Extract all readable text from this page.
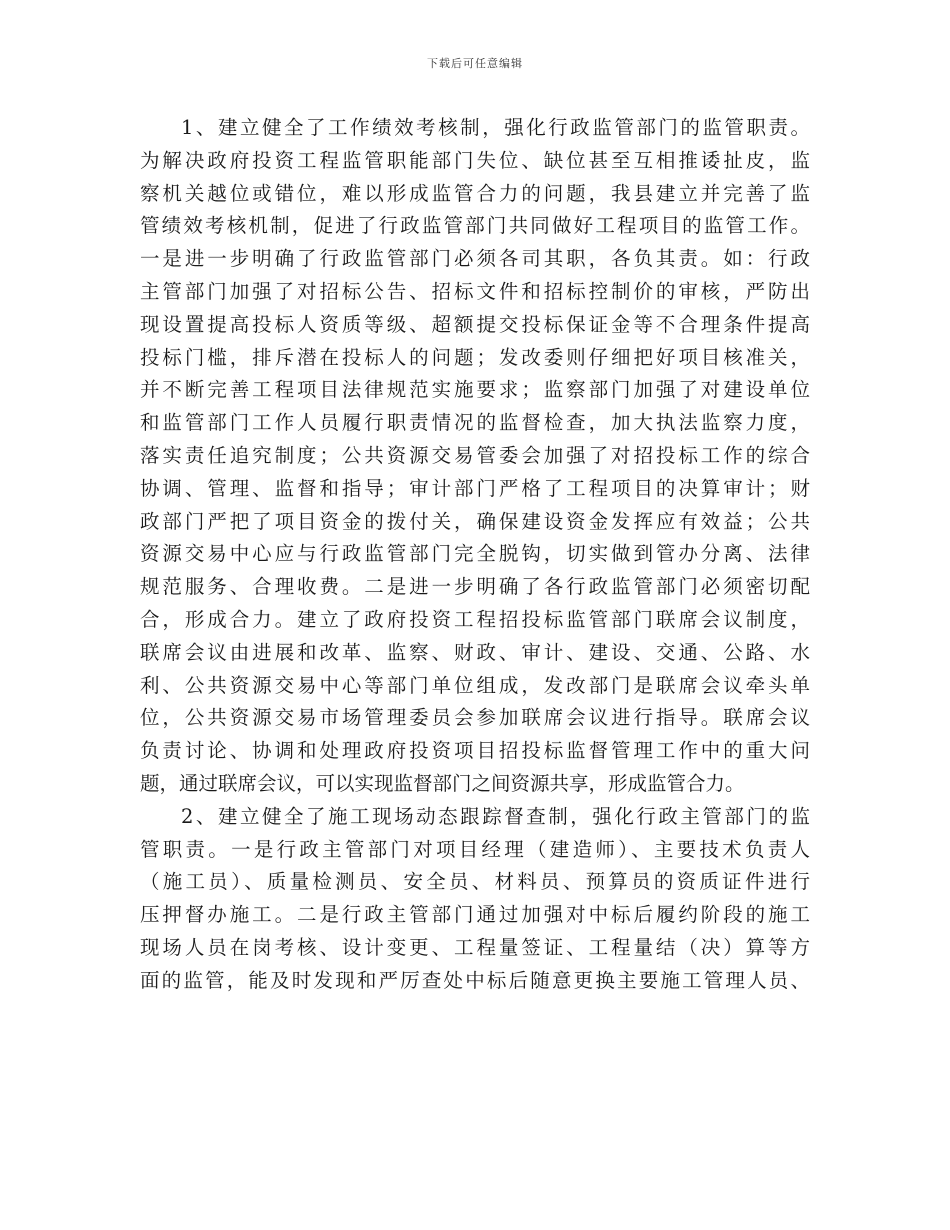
下载后可任意编辑
1、建立健全了工作绩效考核制，强化行政监管部门的监管职责。
为解决政府投资工程监管职能部门失位、缺位甚至互相推诿扯皮，监
察机关越位或错位，难以形成监管合力的问题，我县建立并完善了监
管绩效考核机制，促进了行政监管部门共同做好工程项目的监管工作。
一是进一步明确了行政监管部门必须各司其职，各负其责。如：行政
主管部门加强了对招标公告、招标文件和招标控制价的审核，严防出
现设置提高投标人资质等级、超额提交投标保证金等不合理条件提高
投标门槛，排斥潜在投标人的问题；发改委则仔细把好项目核准关，
并不断完善工程项目法律规范实施要求；监察部门加强了对建设单位
和监管部门工作人员履行职责情况的监督检查，加大执法监察力度，
落实责任追究制度；公共资源交易管委会加强了对招投标工作的综合
协调、管理、监督和指导；审计部门严格了工程项目的决算审计；财
政部门严把了项目资金的拨付关，确保建设资金发挥应有效益；公共
资源交易中心应与行政监管部门完全脱钩，切实做到管办分离、法律
规范服务、合理收费。二是进一步明确了各行政监管部门必须密切配
合，形成合力。建立了政府投资工程招投标监管部门联席会议制度，
联席会议由进展和改革、监察、财政、审计、建设、交通、公路、水
利、公共资源交易中心等部门单位组成，发改部门是联席会议牵头单
位，公共资源交易市场管理委员会参加联席会议进行指导。联席会议
负责讨论、协调和处理政府投资项目招投标监督管理工作中的重大问
题，通过联席会议，可以实现监督部门之间资源共享，形成监管合力。
2、建立健全了施工现场动态跟踪督查制，强化行政主管部门的监
管职责。一是行政主管部门对项目经理（建造师）、主要技术负责人
（施工员）、质量检测员、安全员、材料员、预算员的资质证件进行
压押督办施工。二是行政主管部门通过加强对中标后履约阶段的施工
现场人员在岗考核、设计变更、工程量签证、工程量结（决）算等方
面的监管，能及时发现和严厉查处中标后随意更换主要施工管理人员、
